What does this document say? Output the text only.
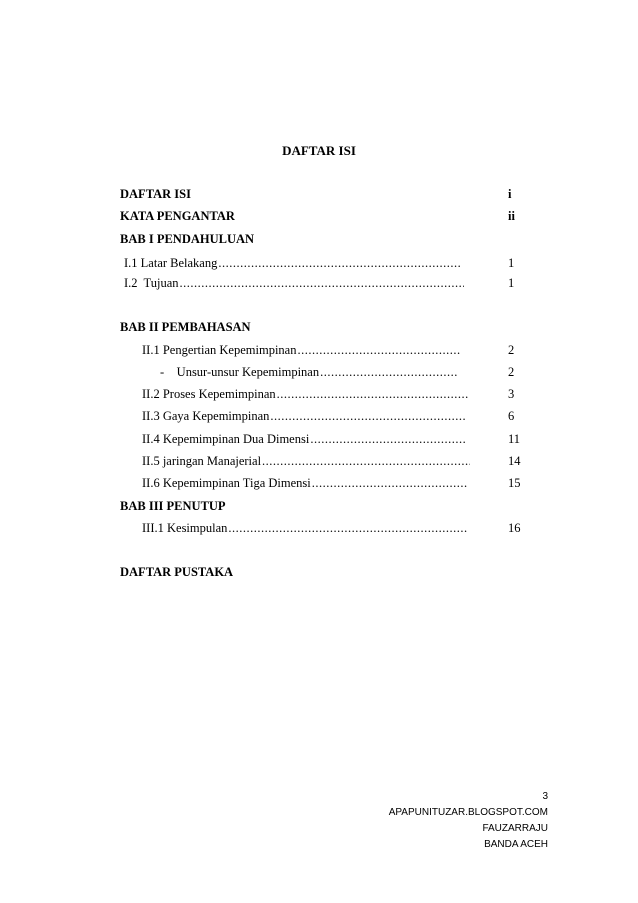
DAFTAR ISI
DAFTAR ISI	i
KATA PENGANTAR	ii
BAB I PENDAHULUAN
I.1 Latar Belakang .....	1
I.2  Tujuan .....	1
BAB II PEMBAHASAN
II.1 Pengertian Kepemimpinan .....	2
-    Unsur-unsur Kepemimpinan .....	2
II.2 Proses Kepemimpinan .....	3
II.3 Gaya Kepemimpinan .....	6
II.4 Kepemimpinan Dua Dimensi .....	11
II.5 jaringan Manajerial .....	14
II.6 Kepemimpinan Tiga Dimensi .....	15
BAB III PENUTUP
III.1 Kesimpulan .....	16
DAFTAR PUSTAKA
3
APAPUNITUZAR.BLOGSPOT.COM
FAUZARRAJU
BANDA ACEH
